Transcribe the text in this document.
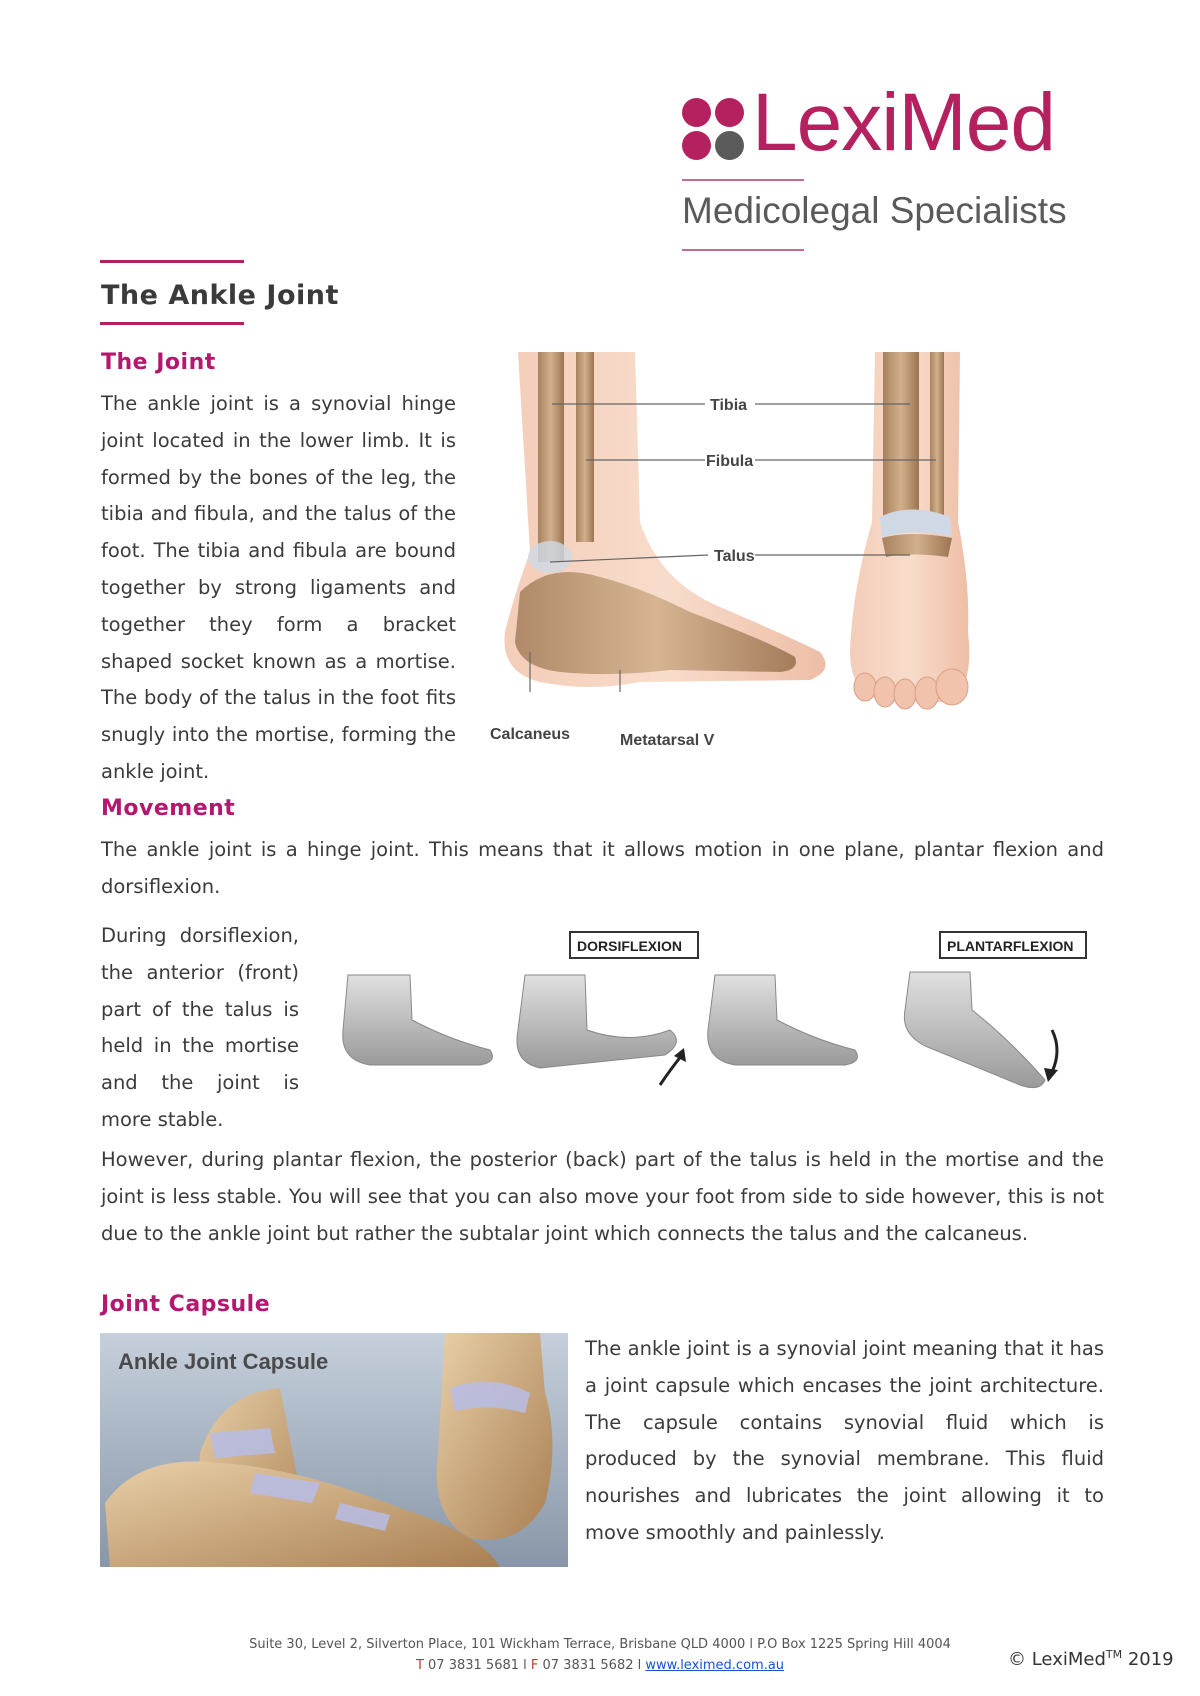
LexiMed
Medicolegal Specialists
The Ankle Joint
The Joint
The ankle joint is a synovial hinge joint located in the lower limb. It is formed by the bones of the leg, the tibia and fibula, and the talus of the foot. The tibia and fibula are bound together by strong ligaments and together they form a bracket shaped socket known as a mortise. The body of the talus in the foot fits snugly into the mortise, forming the ankle joint.
Tibia
Fibula
Talus
Calcaneus	Metatarsal V
Movement
The ankle joint is a hinge joint. This means that it allows motion in one plane, plantar flexion and dorsiflexion.
During dorsiflexion, the anterior (front) part of the talus is held in the mortise and the joint is more stable.
DORSIFLEXION	PLANTARFLEXION
However, during plantar flexion, the posterior (back) part of the talus is held in the mortise and the joint is less stable. You will see that you can also move your foot from side to side however, this is not due to the ankle joint but rather the subtalar joint which connects the talus and the calcaneus.
Joint Capsule
Ankle Joint Capsule
The ankle joint is a synovial joint meaning that it has a joint capsule which encases the joint architecture. The capsule contains synovial fluid which is produced by the synovial membrane. This fluid nourishes and lubricates the joint allowing it to move smoothly and painlessly.
Suite 30, Level 2, Silverton Place, 101 Wickham Terrace, Brisbane QLD 4000 l P.O Box 1225 Spring Hill 4004
T 07 3831 5681 l F 07 3831 5682 l www.leximed.com.au	© LexiMed™ 2019
